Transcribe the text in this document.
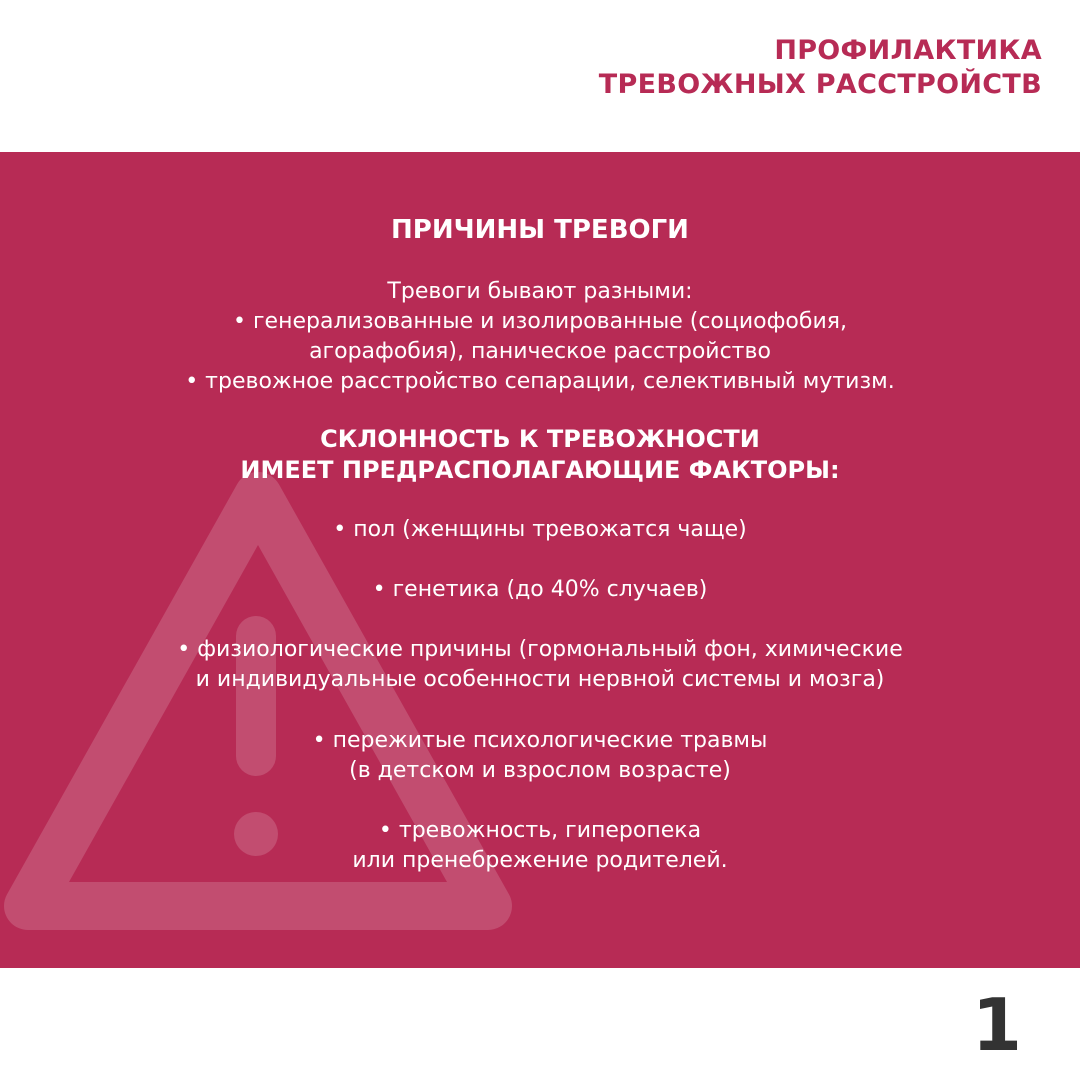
ПРОФИЛАКТИКА
ТРЕВОЖНЫХ РАССТРОЙСТВ
ПРИЧИНЫ ТРЕВОГИ
Тревоги бывают разными:
• генерализованные и изолированные (социофобия,
агорафобия), паническое расстройство
• тревожное расстройство сепарации, селективный мутизм.
СКЛОННОСТЬ К ТРЕВОЖНОСТИ
ИМЕЕТ ПРЕДРАСПОЛАГАЮЩИЕ ФАКТОРЫ:
• пол (женщины тревожатся чаще)
• генетика (до 40% случаев)
• физиологические причины (гормональный фон, химические
и индивидуальные особенности нервной системы и мозга)
• пережитые психологические травмы
(в детском и взрослом возрасте)
• тревожность, гиперопека
или пренебрежение родителей.
1
